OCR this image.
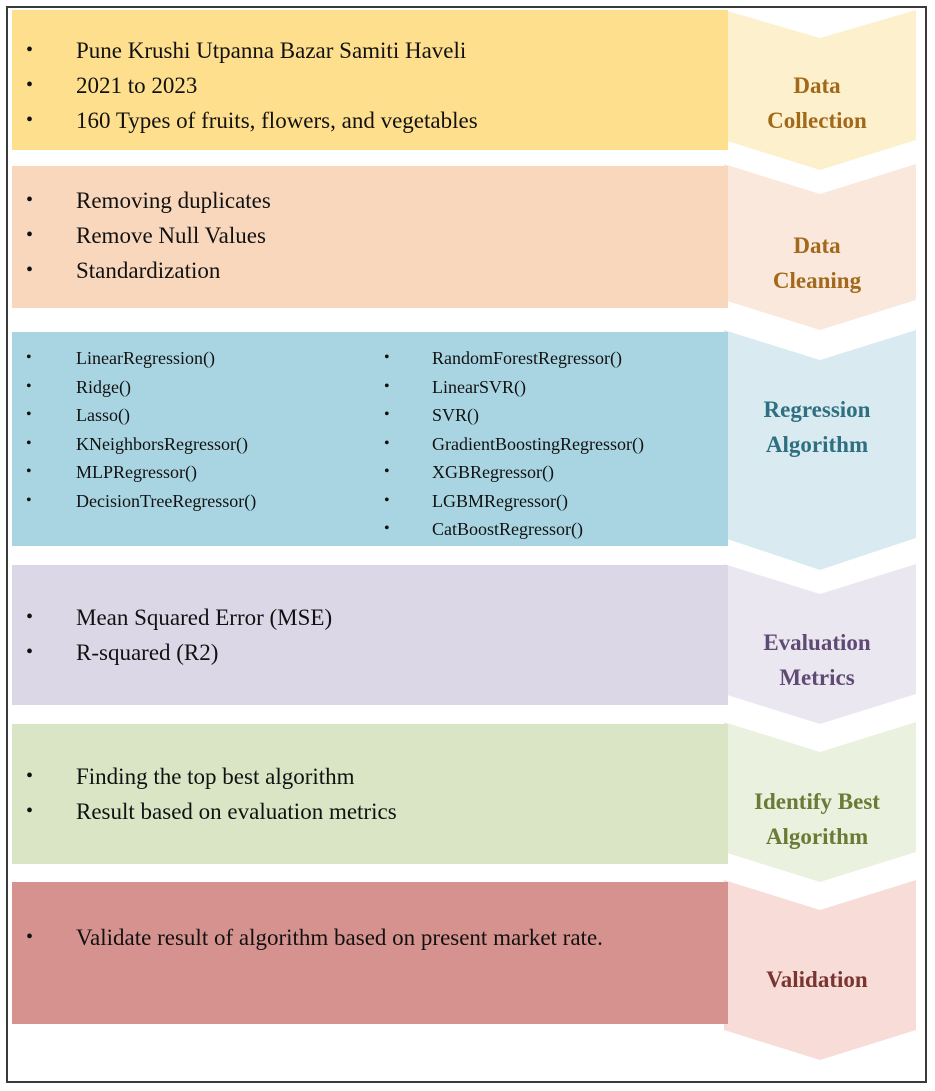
• Pune Krushi Utpanna Bazar Samiti Haveli
• 2021 to 2023
• 160 Types of fruits, flowers, and vegetables
Data
Collection
• Removing duplicates
• Remove Null Values
• Standardization
Data
Cleaning
• LinearRegression()
• Ridge()
• Lasso()
• KNeighborsRegressor()
• MLPRegressor()
• DecisionTreeRegressor()
• RandomForestRegressor()
• LinearSVR()
• SVR()
• GradientBoostingRegressor()
• XGBRegressor()
• LGBMRegressor()
• CatBoostRegressor()
Regression
Algorithm
• Mean Squared Error (MSE)
• R-squared (R2)	Evaluation
Metrics
• Finding the top best algorithm
• Result based on evaluation metrics	Identify Best
Algorithm
• Validate result of algorithm based on present market rate.
Validation
